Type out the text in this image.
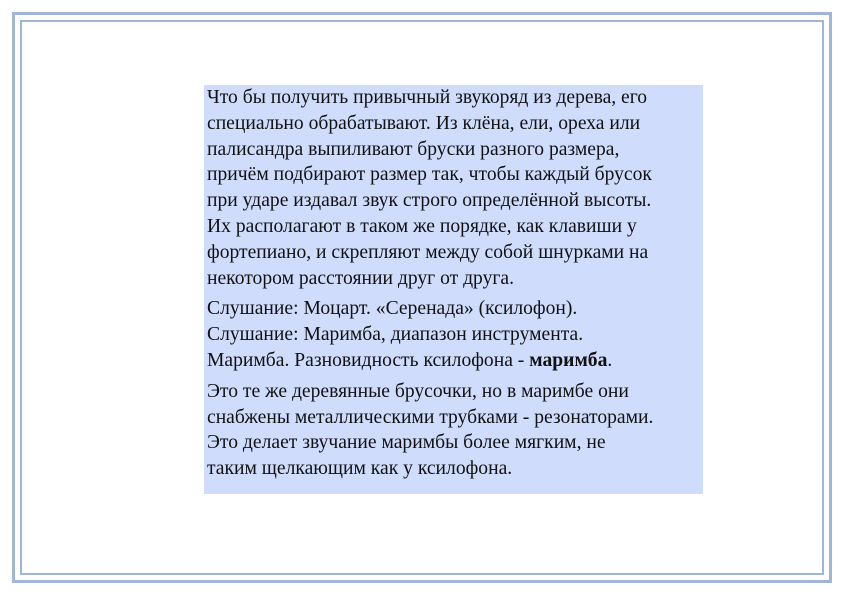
Что бы получить привычный звукоряд из дерева, его
специально обрабатывают. Из клёна, ели, ореха или
палисандра выпиливают бруски разного размера,
причём подбирают размер так, чтобы каждый брусок
при ударе издавал звук строго определённой высоты.
Их располагают в таком же порядке, как клавиши у
фортепиано, и скрепляют между собой шнурками на
некотором расстоянии друг от друга.

Слушание: Моцарт. «Серенада» (ксилофон).
Слушание: Маримба, диапазон инструмента.
Маримба. Разновидность ксилофона - маримба.

Это те же деревянные брусочки, но в маримбе они
снабжены металлическими трубками - резонаторами.
Это делает звучание маримбы более мягким, не
таким щелкающим как у ксилофона.
